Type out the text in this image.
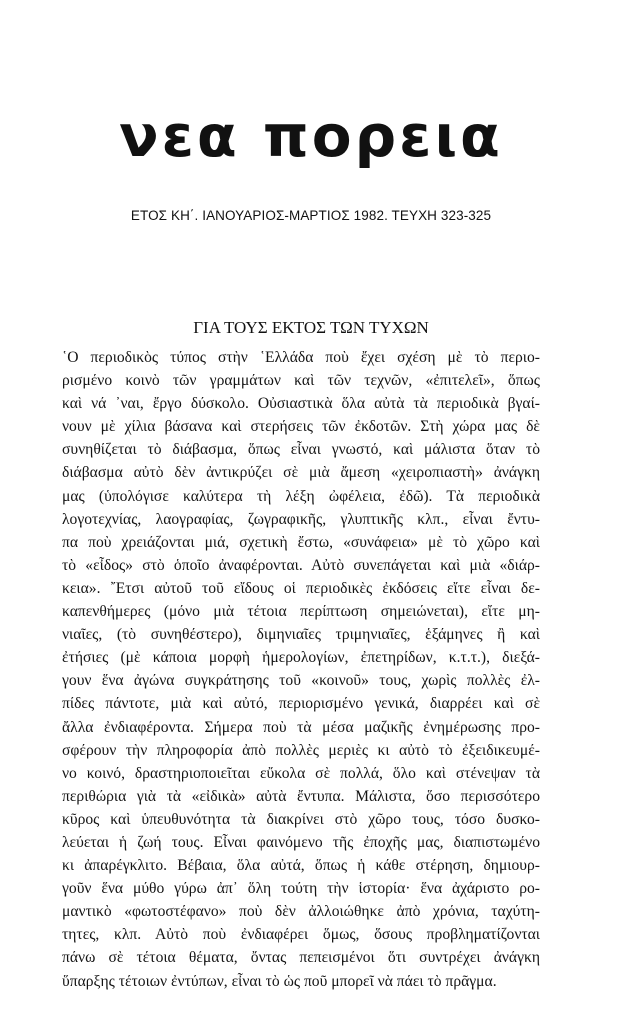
νεα πορεια
ΕΤΟΣ ΚΗ΄. ΙΑΝΟΥΑΡΙΟΣ-ΜΑΡΤΙΟΣ 1982. ΤΕΥΧΗ 323-325
ΓΙΑ ΤΟΥΣ ΕΚΤΟΣ ΤΩΝ ΤΥΧΩΝ
῾Ο περιοδικὸς τύπος στὴν ῾Ελλάδα ποὺ ἔχει σχέση μὲ τὸ περιο-
ρισμένο κοινὸ τῶν γραμμάτων καὶ τῶν τεχνῶν, «ἐπιτελεῖ», ὅπως
καὶ νά ᾿ναι, ἔργο δύσκολο. Οὐσιαστικὰ ὅλα αὐτὰ τὰ περιοδικὰ βγαί-
νουν μὲ χίλια βάσανα καὶ στερήσεις τῶν ἐκδοτῶν. Στὴ χώρα μας δὲ
συνηθίζεται τὸ διάβασμα, ὅπως εἶναι γνωστό, καὶ μάλιστα ὅταν τὸ
διάβασμα αὐτὸ δὲν ἀντικρύζει σὲ μιὰ ἄμεση «χειροπιαστὴ» ἀνάγκη
μας (ὑπολόγισε καλύτερα τὴ λέξη ὠφέλεια, ἐδῶ). Τὰ περιοδικὰ
λογοτεχνίας, λαογραφίας, ζωγραφικῆς, γλυπτικῆς κλπ., εἶναι ἔντυ-
πα ποὺ χρειάζονται μιά, σχετικὴ ἔστω, «συνάφεια» μὲ τὸ χῶρο καὶ
τὸ «εἶδος» στὸ ὁποῖο ἀναφέρονται. Αὐτὸ συνεπάγεται καὶ μιὰ «διάρ-
κεια». ῎Ετσι αὐτοῦ τοῦ εἴδους οἱ περιοδικὲς ἐκδόσεις εἴτε εἶναι δε-
καπενθήμερες (μόνο μιὰ τέτοια περίπτωση σημειώνεται), εἴτε μη-
νιαῖες, (τὸ συνηθέστερο), διμηνιαῖες τριμηνιαῖες, ἑξάμηνες ἢ καὶ
ἐτήσιες (μὲ κάποια μορφὴ ἡμερολογίων, ἐπετηρίδων, κ.τ.τ.), διεξά-
γουν ἕνα ἀγώνα συγκράτησης τοῦ «κοινοῦ» τους, χωρὶς πολλὲς ἐλ-
πίδες πάντοτε, μιὰ καὶ αὐτό, περιορισμένο γενικά, διαρρέει καὶ σὲ
ἄλλα ἐνδιαφέροντα. Σήμερα ποὺ τὰ μέσα μαζικῆς ἐνημέρωσης προ-
σφέρουν τὴν πληροφορία ἀπὸ πολλὲς μεριὲς κι αὐτὸ τὸ ἐξειδικευμέ-
νο κοινό, δραστηριοποιεῖται εὔκολα σὲ πολλά, ὅλο καὶ στένεψαν τὰ
περιθώρια γιὰ τὰ «εἰδικὰ» αὐτὰ ἔντυπα. Μάλιστα, ὅσο περισσότερο
κῦρος καὶ ὑπευθυνότητα τὰ διακρίνει στὸ χῶρο τους, τόσο δυσκο-
λεύεται ἡ ζωή τους. Εἶναι φαινόμενο τῆς ἐποχῆς μας, διαπιστωμένο
κι ἀπαρέγκλιτο. Βέβαια, ὅλα αὐτά, ὅπως ἡ κάθε στέρηση, δημιουρ-
γοῦν ἕνα μύθο γύρω ἀπ᾿ ὅλη τούτη τὴν ἱστορία· ἕνα ἀχάριστο ρο-
μαντικὸ «φωτοστέφανο» ποὺ δὲν ἀλλοιώθηκε ἀπὸ χρόνια, ταχύτη-
τητες, κλπ. Αὐτὸ ποὺ ἐνδιαφέρει ὅμως, ὅσους προβληματίζονται
πάνω σὲ τέτοια θέματα, ὄντας πεπεισμένοι ὅτι συντρέχει ἀνάγκη
ὕπαρξης τέτοιων ἐντύπων, εἶναι τὸ ὡς ποῦ μπορεῖ νὰ πάει τὸ πρᾶγμα.
